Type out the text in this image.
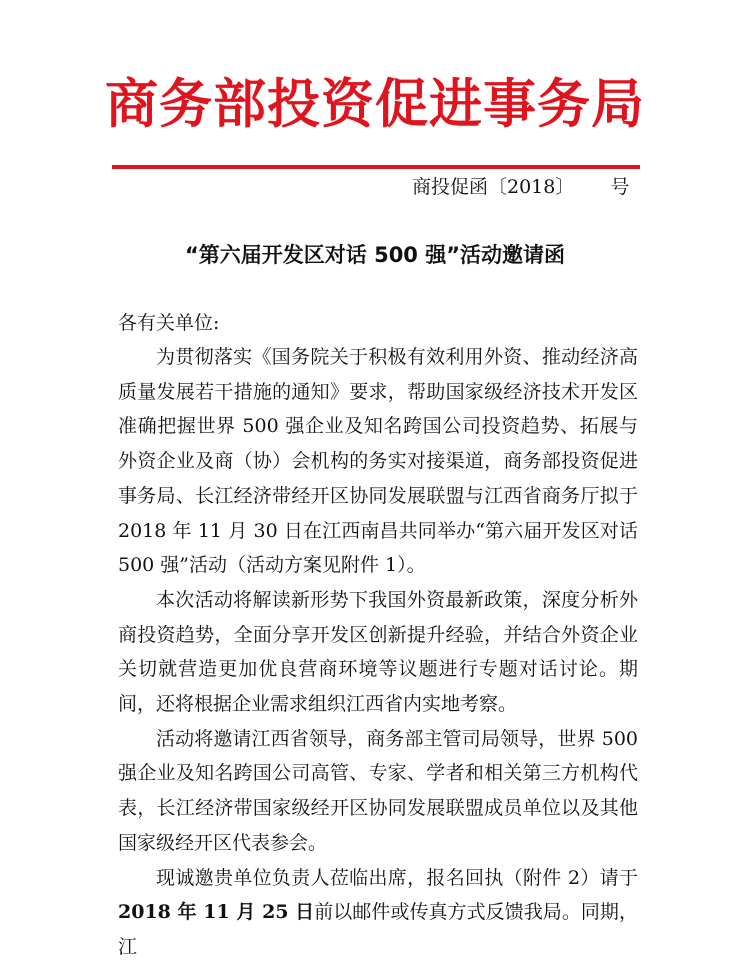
商务部投资促进事务局
商投促函〔2018〕 号
“第六届开发区对话 500 强”活动邀请函
各有关单位:

为贯彻落实《国务院关于积极有效利用外资、推动经济高质量发展若干措施的通知》要求，帮助国家级经济技术开发区准确把握世界 500 强企业及知名跨国公司投资趋势、拓展与外资企业及商（协）会机构的务实对接渠道，商务部投资促进事务局、长江经济带经开区协同发展联盟与江西省商务厅拟于 2018 年 11 月 30 日在江西南昌共同举办“第六届开发区对话 500 强”活动（活动方案见附件 1）。

本次活动将解读新形势下我国外资最新政策，深度分析外商投资趋势，全面分享开发区创新提升经验，并结合外资企业关切就营造更加优良营商环境等议题进行专题对话讨论。期间，还将根据企业需求组织江西省内实地考察。

活动将邀请江西省领导，商务部主管司局领导，世界 500 强企业及知名跨国公司高管、专家、学者和相关第三方机构代表，长江经济带国家级经开区协同发展联盟成员单位以及其他国家级经开区代表参会。

现诚邀贵单位负责人莅临出席，报名回执（附件 2）请于2018 年 11 月 25 日前以邮件或传真方式反馈我局。同期，江
